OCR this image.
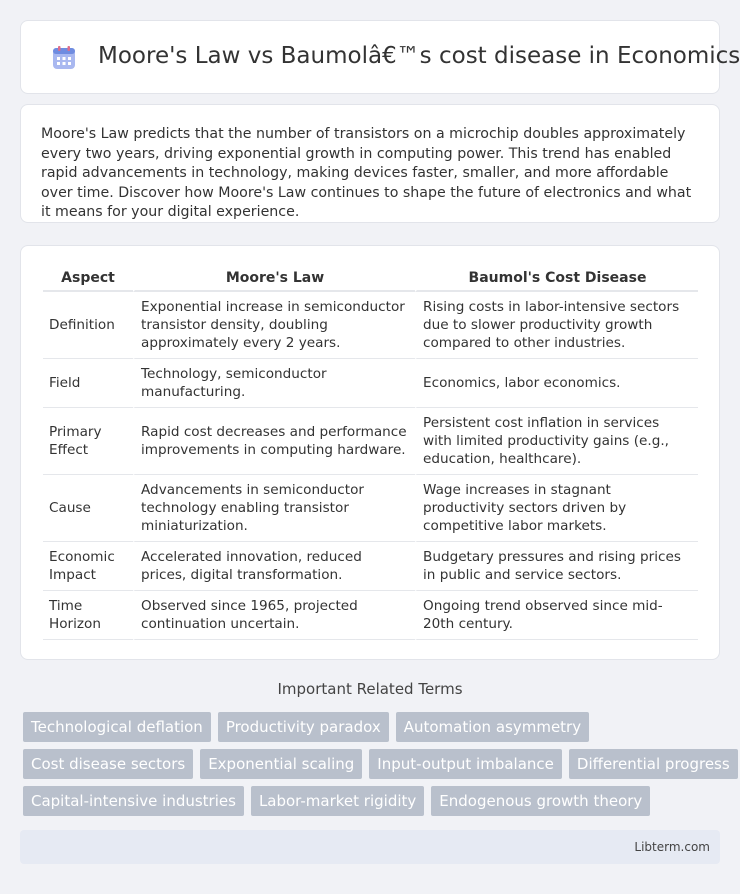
Moore's Law vs Baumolâ€™s cost disease in Economics

Moore's Law predicts that the number of transistors on a microchip doubles approximately every two years, driving exponential growth in computing power. This trend has enabled rapid advancements in technology, making devices faster, smaller, and more affordable over time. Discover how Moore's Law continues to shape the future of electronics and what it means for your digital experience.

Aspect	Moore's Law	Baumol's Cost Disease
Definition	Exponential increase in semiconductor transistor density, doubling approximately every 2 years.	Rising costs in labor-intensive sectors due to slower productivity growth compared to other industries.
Field	Technology, semiconductor manufacturing.	Economics, labor economics.
Primary Effect	Rapid cost decreases and performance improvements in computing hardware.	Persistent cost inflation in services with limited productivity gains (e.g., education, healthcare).
Cause	Advancements in semiconductor technology enabling transistor miniaturization.	Wage increases in stagnant productivity sectors driven by competitive labor markets.
Economic Impact	Accelerated innovation, reduced prices, digital transformation.	Budgetary pressures and rising prices in public and service sectors.
Time Horizon	Observed since 1965, projected continuation uncertain.	Ongoing trend observed since mid-20th century.
Important Related Terms
Technological deflation	Productivity paradox	Automation asymmetry
Cost disease sectors	Exponential scaling	Input-output imbalance	Differential progress
Capital-intensive industries	Labor-market rigidity	Endogenous growth theory
Libterm.com
